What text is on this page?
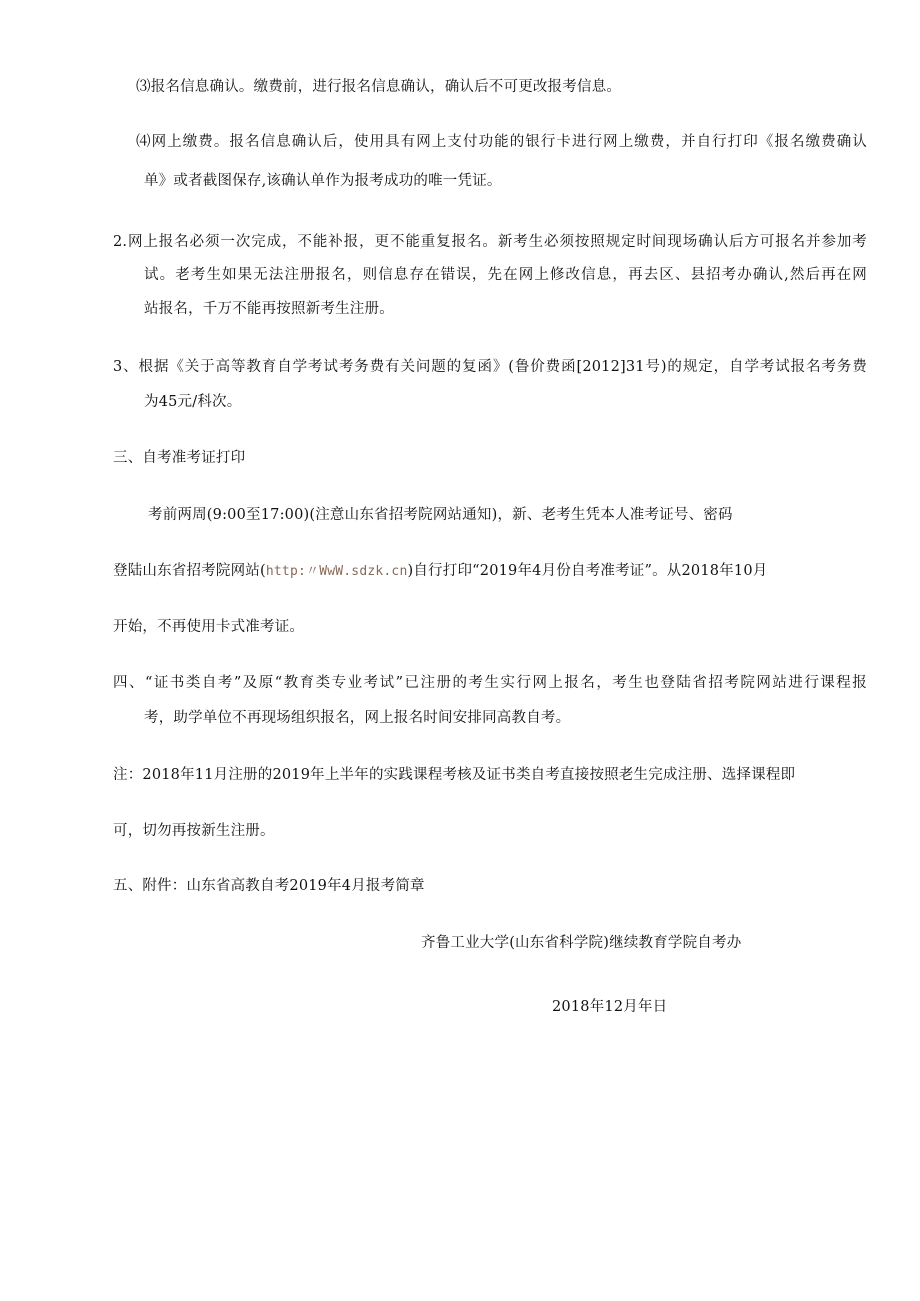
⑶报名信息确认。缴费前，进行报名信息确认，确认后不可更改报考信息。
⑷网上缴费。报名信息确认后，使用具有网上支付功能的银行卡进行网上缴费，并自行打印《报名缴费确认
单》或者截图保存,该确认单作为报考成功的唯一凭证。
2.网上报名必须一次完成，不能补报，更不能重复报名。新考生必须按照规定时间现场确认后方可报名并参加考
试。老考生如果无法注册报名，则信息存在错误，先在网上修改信息，再去区、县招考办确认,然后再在网
站报名，千万不能再按照新考生注册。
3、根据《关于高等教育自学考试考务费有关问题的复函》(鲁价费函[2012]31号)的规定，自学考试报名考务费
为45元/科次。
三、自考准考证打印
考前两周(9:00至17:00)(注意山东省招考院网站通知)，新、老考生凭本人准考证号、密码
登陆山东省招考院网站(http:〃WwW.sdzk.cn)自行打印“2019年4月份自考准考证”。从2018年10月
开始，不再使用卡式准考证。
四、“证书类自考”及原“教育类专业考试”已注册的考生实行网上报名，考生也登陆省招考院网站进行课程报
考，助学单位不再现场组织报名，网上报名时间安排同高教自考。
注：2018年11月注册的2019年上半年的实践课程考核及证书类自考直接按照老生完成注册、选择课程即
可，切勿再按新生注册。
五、附件：山东省高教自考2019年4月报考简章
齐鲁工业大学(山东省科学院)继续教育学院自考办
2018年12月年日
